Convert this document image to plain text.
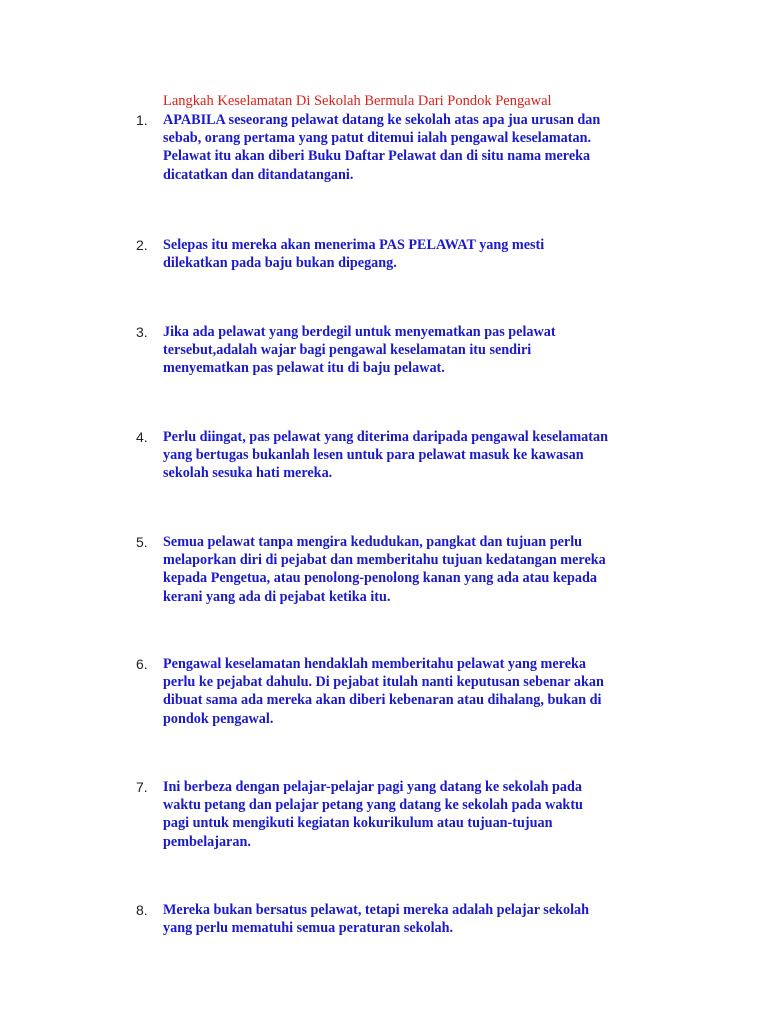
Langkah Keselamatan Di Sekolah Bermula Dari Pondok Pengawal
1. APABILA seseorang pelawat datang ke sekolah atas apa jua urusan dan
sebab, orang pertama yang patut ditemui ialah pengawal keselamatan.
Pelawat itu akan diberi Buku Daftar Pelawat dan di situ nama mereka
dicatatkan dan ditandatangani.

2. Selepas itu mereka akan menerima PAS PELAWAT yang mesti
dilekatkan pada baju bukan dipegang.

3. Jika ada pelawat yang berdegil untuk menyematkan pas pelawat
tersebut,adalah wajar bagi pengawal keselamatan itu sendiri
menyematkan pas pelawat itu di baju pelawat.

4. Perlu diingat, pas pelawat yang diterima daripada pengawal keselamatan
yang bertugas bukanlah lesen untuk para pelawat masuk ke kawasan
sekolah sesuka hati mereka.

5. Semua pelawat tanpa mengira kedudukan, pangkat dan tujuan perlu
melaporkan diri di pejabat dan memberitahu tujuan kedatangan mereka
kepada Pengetua, atau penolong-penolong kanan yang ada atau kepada
kerani yang ada di pejabat ketika itu.

6. Pengawal keselamatan hendaklah memberitahu pelawat yang mereka
perlu ke pejabat dahulu. Di pejabat itulah nanti keputusan sebenar akan
dibuat sama ada mereka akan diberi kebenaran atau dihalang, bukan di
pondok pengawal.

7. Ini berbeza dengan pelajar-pelajar pagi yang datang ke sekolah pada
waktu petang dan pelajar petang yang datang ke sekolah pada waktu
pagi untuk mengikuti kegiatan kokurikulum atau tujuan-tujuan
pembelajaran.

8. Mereka bukan bersatus pelawat, tetapi mereka adalah pelajar sekolah
yang perlu mematuhi semua peraturan sekolah.
